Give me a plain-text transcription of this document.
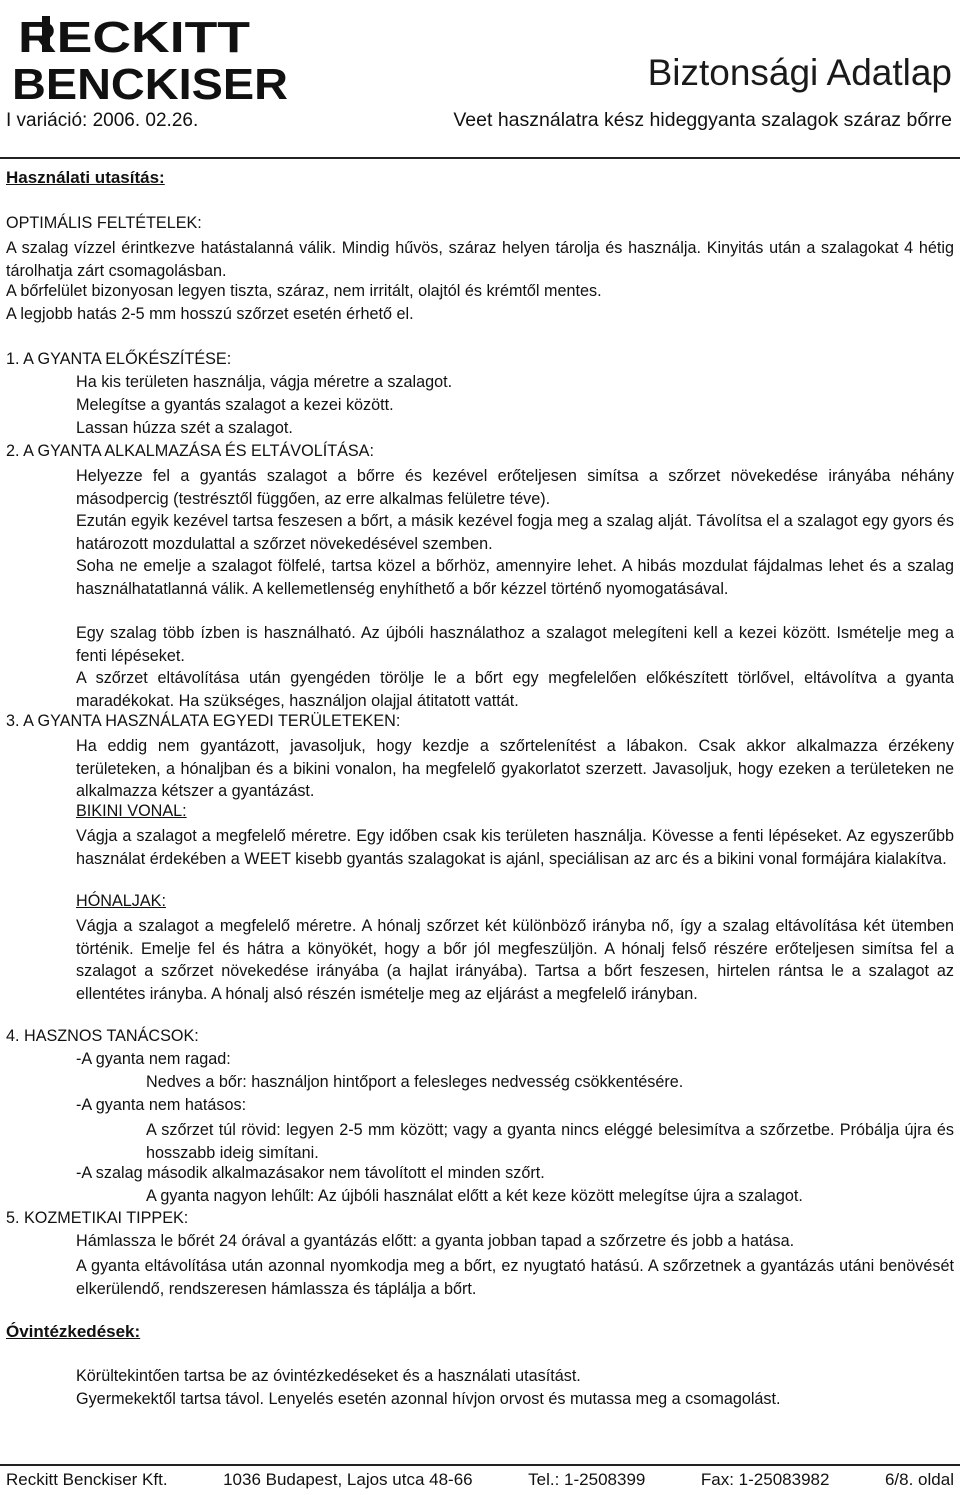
RECKITT
BENCKISER
I variáció: 2006. 02.26.
Biztonsági Adatlap
Veet használatra kész hideggyanta szalagok száraz bőrre
Használati utasítás:
OPTIMÁLIS FELTÉTELEK:
A szalag vízzel érintkezve hatástalanná válik. Mindig hűvös, száraz helyen tárolja és használja. Kinyitás után a szalagokat 4 hétig tárolhatja zárt csomagolásban.
A bőrfelület bizonyosan legyen tiszta, száraz, nem irritált, olajtól és krémtől mentes.
A legjobb hatás 2-5 mm hosszú szőrzet esetén érhető el.
1. A GYANTA ELŐKÉSZÍTÉSE:
Ha kis területen használja, vágja méretre a szalagot.
Melegítse a gyantás szalagot a kezei között.
Lassan húzza szét a szalagot.
2. A GYANTA ALKALMAZÁSA ÉS ELTÁVOLÍTÁSA:
Helyezze fel a gyantás szalagot a bőrre és kezével erőteljesen simítsa a szőrzet növekedése irányába néhány másodpercig (testrésztől függően, az erre alkalmas felületre téve).
Ezután egyik kezével tartsa feszesen a bőrt, a másik kezével fogja meg a szalag alját. Távolítsa el a szalagot egy gyors és határozott mozdulattal a szőrzet növekedésével szemben.
Soha ne emelje a szalagot fölfelé, tartsa közel a bőrhöz, amennyire lehet. A hibás mozdulat fájdalmas lehet és a szalag használhatatlanná válik. A kellemetlenség enyhíthető a bőr kézzel történő nyomogatásával.
Egy szalag több ízben is használható. Az újbóli használathoz a szalagot melegíteni kell a kezei között. Ismételje meg a fenti lépéseket.
A szőrzet eltávolítása után gyengéden törölje le a bőrt egy megfelelően előkészített törlővel, eltávolítva a gyanta maradékokat. Ha szükséges, használjon olajjal átitatott vattát.
3. A GYANTA HASZNÁLATA EGYEDI TERÜLETEKEN:
Ha eddig nem gyantázott, javasoljuk, hogy kezdje a szőrtelenítést a lábakon. Csak akkor alkalmazza érzékeny területeken, a hónaljban és a bikini vonalon, ha megfelelő gyakorlatot szerzett. Javasoljuk, hogy ezeken a területeken ne alkalmazza kétszer a gyantázást.
BIKINI VONAL:
Vágja a szalagot a megfelelő méretre. Egy időben csak kis területen használja. Kövesse a fenti lépéseket. Az egyszerűbb használat érdekében a WEET kisebb gyantás szalagokat is ajánl, speciálisan az arc és a bikini vonal formájára kialakítva.
HÓNALJAK:
Vágja a szalagot a megfelelő méretre. A hónalj szőrzet két különböző irányba nő, így a szalag eltávolítása két ütemben történik. Emelje fel és hátra a könyökét, hogy a bőr jól megfeszüljön. A hónalj felső részére erőteljesen simítsa fel a szalagot a szőrzet növekedése irányába (a hajlat irányába). Tartsa a bőrt feszesen, hirtelen rántsa le a szalagot az ellentétes irányba. A hónalj alsó részén ismételje meg az eljárást a megfelelő irányban.
4. HASZNOS TANÁCSOK:
-A gyanta nem ragad:
Nedves a bőr: használjon hintőport a felesleges nedvesség csökkentésére.
-A gyanta nem hatásos:
A szőrzet túl rövid: legyen 2-5 mm között; vagy a gyanta nincs eléggé belesimítva a szőrzetbe. Próbálja újra és hosszabb ideig simítani.
-A szalag második alkalmazásakor nem távolított el minden szőrt.
A gyanta nagyon lehűlt: Az újbóli használat előtt a két keze között melegítse újra a szalagot.
5. KOZMETIKAI TIPPEK:
Hámlassza le bőrét 24 órával a gyantázás előtt: a gyanta jobban tapad a szőrzetre és jobb a hatása.
A gyanta eltávolítása után azonnal nyomkodja meg a bőrt, ez nyugtató hatású. A szőrzetnek a gyantázás utáni benövését elkerülendő, rendszeresen hámlassza és táplálja a bőrt.
Óvintézkedések:
Körültekintően tartsa be az óvintézkedéseket és a használati utasítást.
Gyermekektől tartsa távol. Lenyelés esetén azonnal hívjon orvost és mutassa meg a csomagolást.
Reckitt Benckiser Kft.	1036 Budapest, Lajos utca 48-66	Tel.: 1-2508399	Fax: 1-25083982	6/8. oldal
